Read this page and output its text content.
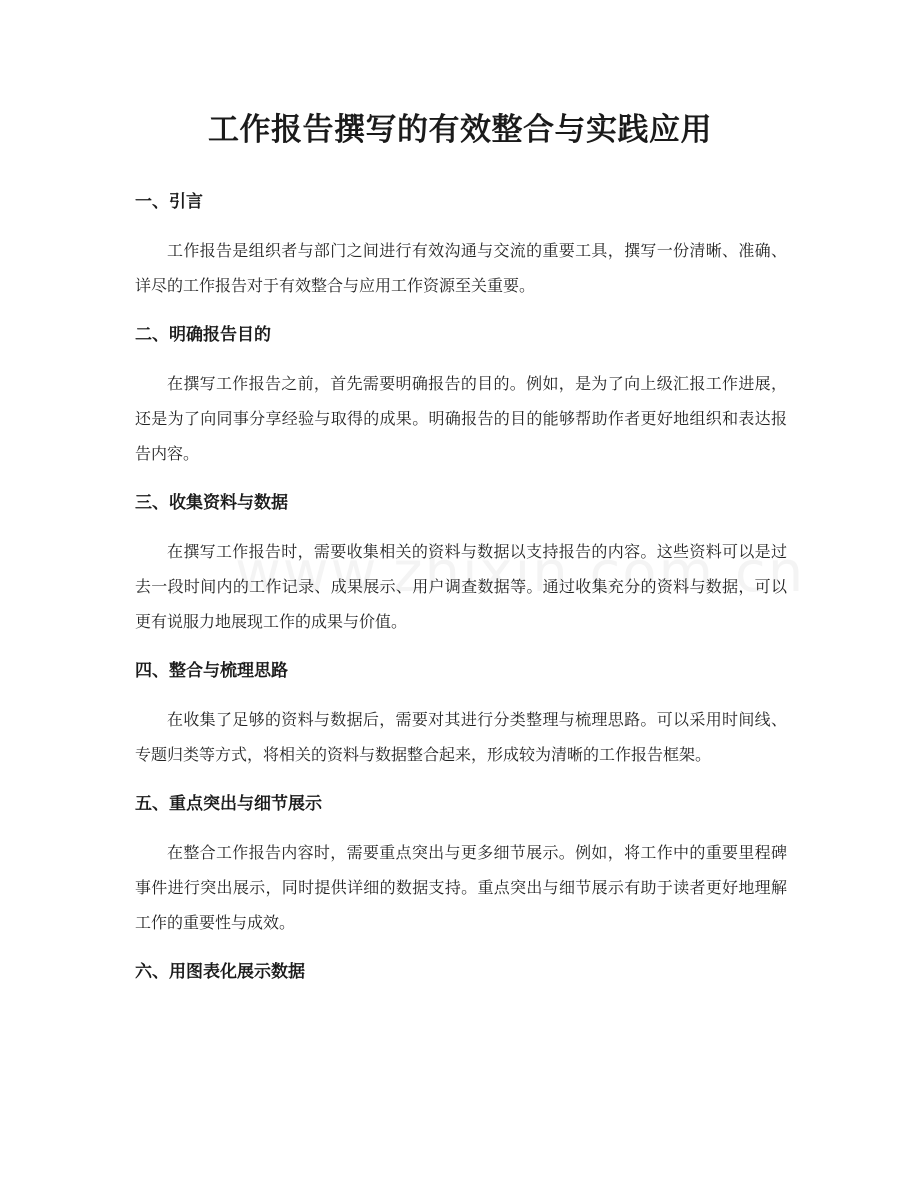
工作报告撰写的有效整合与实践应用
一、引言

工作报告是组织者与部门之间进行有效沟通与交流的重要工具，撰写一份清晰、准确、详尽的工作报告对于有效整合与应用工作资源至关重要。

二、明确报告目的

在撰写工作报告之前，首先需要明确报告的目的。例如，是为了向上级汇报工作进展，还是为了向同事分享经验与取得的成果。明确报告的目的能够帮助作者更好地组织和表达报告内容。

三、收集资料与数据

在撰写工作报告时，需要收集相关的资料与数据以支持报告的内容。这些资料可以是过去一段时间内的工作记录、成果展示、用户调查数据等。通过收集充分的资料与数据，可以更有说服力地展现工作的成果与价值。

四、整合与梳理思路

在收集了足够的资料与数据后，需要对其进行分类整理与梳理思路。可以采用时间线、专题归类等方式，将相关的资料与数据整合起来，形成较为清晰的工作报告框架。

五、重点突出与细节展示

在整合工作报告内容时，需要重点突出与更多细节展示。例如，将工作中的重要里程碑事件进行突出展示，同时提供详细的数据支持。重点突出与细节展示有助于读者更好地理解工作的重要性与成效。

六、用图表化展示数据
